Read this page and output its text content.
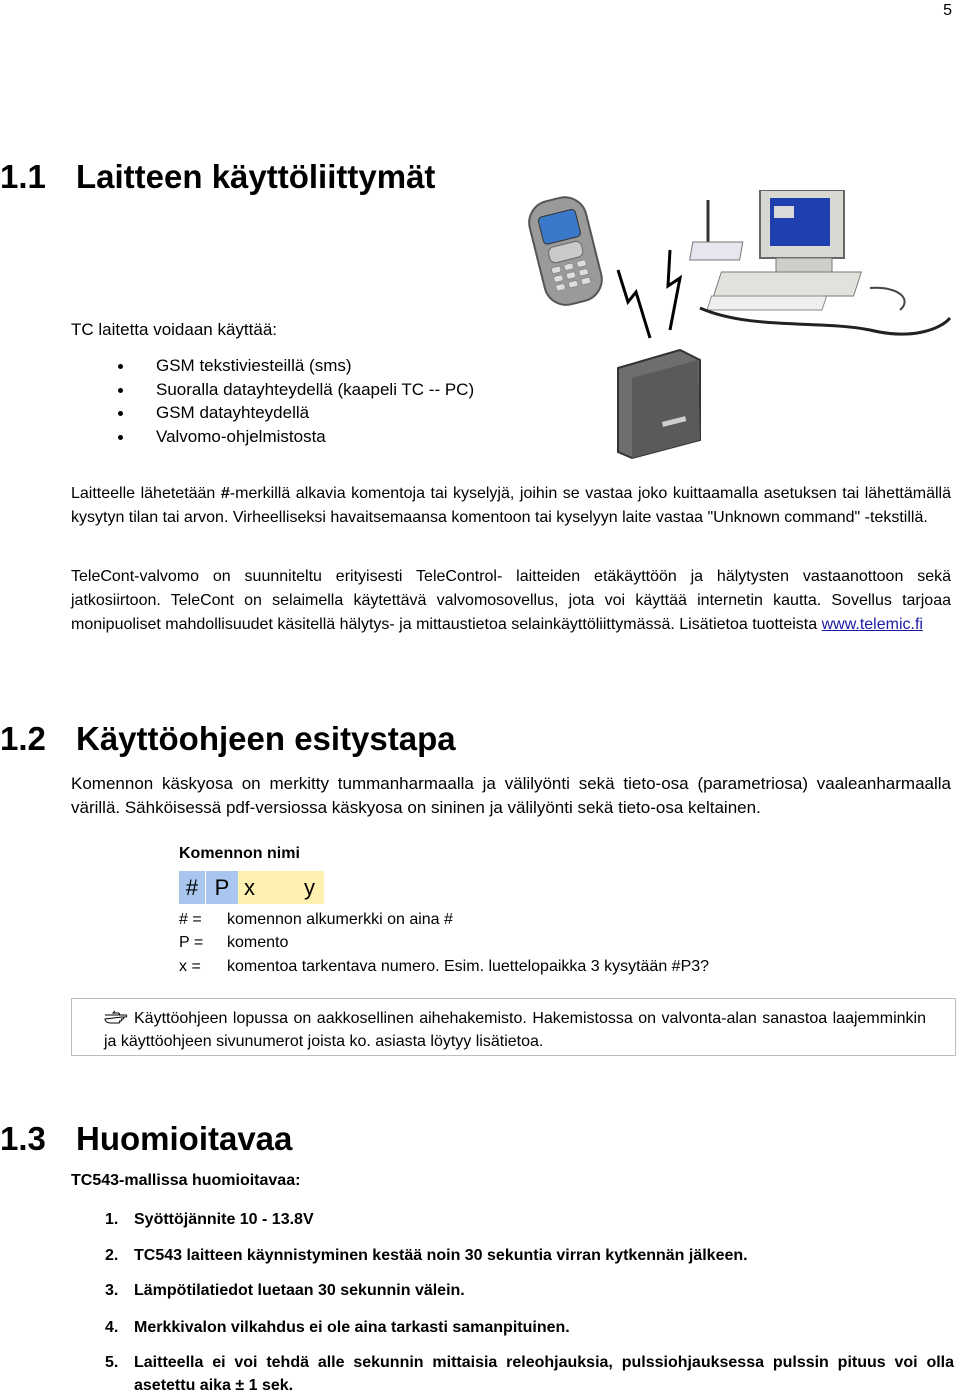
5
1.1 Laitteen käyttöliittymät
TC laitetta voidaan käyttää:
GSM tekstiviesteillä (sms)
Suoralla datayhteydellä (kaapeli TC -- PC)
GSM datayhteydellä
Valvomo-ohjelmistosta
Laitteelle lähetetään #-merkillä alkavia komentoja tai kyselyjä, joihin se vastaa joko kuittaamalla asetuksen tai lähettämällä kysytyn tilan tai arvon. Virheelliseksi havaitsemaansa komentoon tai kyselyyn laite vastaa "Unknown command" -tekstillä.
TeleCont-valvomo on suunniteltu erityisesti TeleControl- laitteiden etäkäyttöön ja hälytysten vastaanottoon sekä jatkosiirtoon. TeleCont on selaimella käytettävä valvomosovellus, jota voi käyttää internetin kautta. Sovellus tarjoaa monipuoliset mahdollisuudet käsitellä hälytys- ja mittaustietoa selainkäyttöliittymässä. Lisätietoa tuotteista www.telemic.fi
1.2 Käyttöohjeen esitystapa
Komennon käskyosa on merkitty tummanharmaalla ja välilyönti sekä tieto-osa (parametriosa) vaaleanharmaalla värillä. Sähköisessä pdf-versiossa käskyosa on sininen ja välilyönti sekä tieto-osa keltainen.
Komennon nimi
# P x	y
# = komennon alkumerkki on aina #
P = komento
x = komentoa tarkentava numero. Esim. luettelopaikka 3 kysytään #P3?
Käyttöohjeen lopussa on aakkosellinen aihehakemisto. Hakemistossa on valvonta-alan sanastoa laajemminkin ja käyttöohjeen sivunumerot joista ko. asiasta löytyy lisätietoa.
1.3 Huomioitavaa
TC543-mallissa huomioitavaa:
1. Syöttöjännite 10 - 13.8V
2. TC543 laitteen käynnistyminen kestää noin 30 sekuntia virran kytkennän jälkeen.
3. Lämpötilatiedot luetaan 30 sekunnin välein.
4. Merkkivalon vilkahdus ei ole aina tarkasti samanpituinen.
5. Laitteella ei voi tehdä alle sekunnin mittaisia releohjauksia, pulssiohjauksessa pulssin pituus voi olla asetettu aika ± 1 sek.
